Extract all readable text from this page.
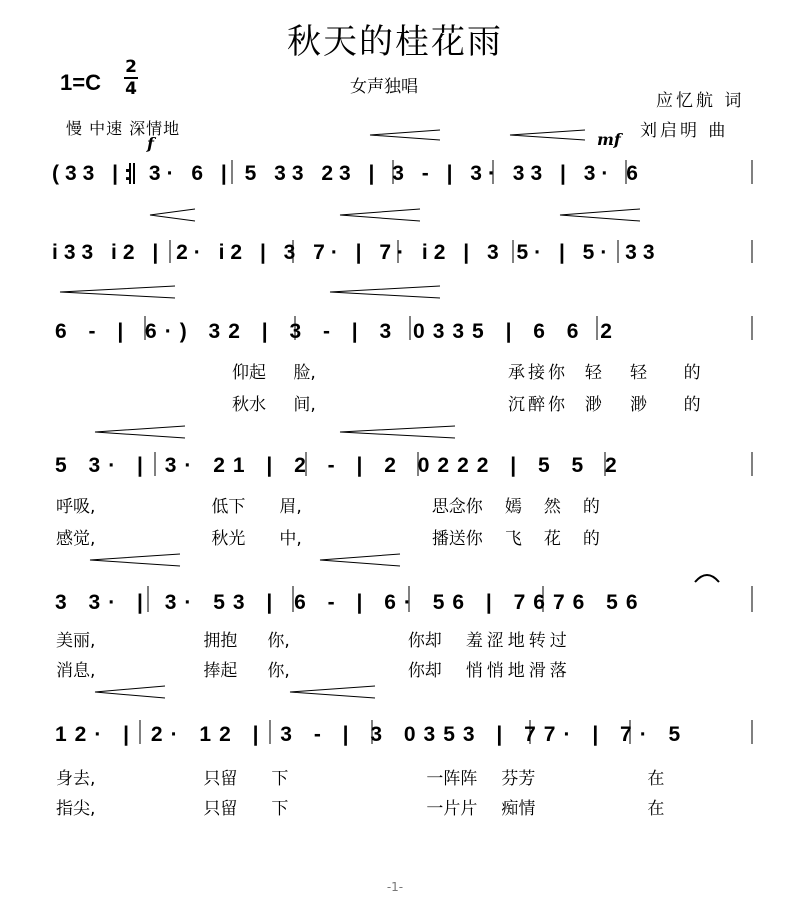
秋天的桂花雨
1=C
2
4	女声独唱
慢 中速 深情地
应忆航 词
刘启明 曲
f	mf
(33 |: 3· 6 | 5 33 23 | 3 - | 3· 33 | 3· 6
i33 i2 | 2· i2 | 3 7· | 7· i2 | 3 5· | 5· 33
6 - | 6·) 32 | 3 - | 3 0335 | 6 6 2
仰起 脸,	承接你 轻 轻 的
秋水 间,	沉醉你 渺 渺 的
5 3· | 3· 21 | 2 - | 2 0222 | 5 5 2
呼吸,	低下 眉,	思念你 嫣 然 的
感觉,	秋光 中,	播送你 飞 花 的
3 3· | 3· 53 | 6 - | 6· 56 | 7676 56
美丽,	拥抱 你,	你却 羞涩地转过
消息,	捧起 你,	你却 悄悄地滑落
12· | 2· 12 | 3 - | 3 0353 | 77· | 7· 5
身去,	只留 下	一阵阵 芬芳	在
指尖,	只留 下	一片片 痴情	在
-1-
